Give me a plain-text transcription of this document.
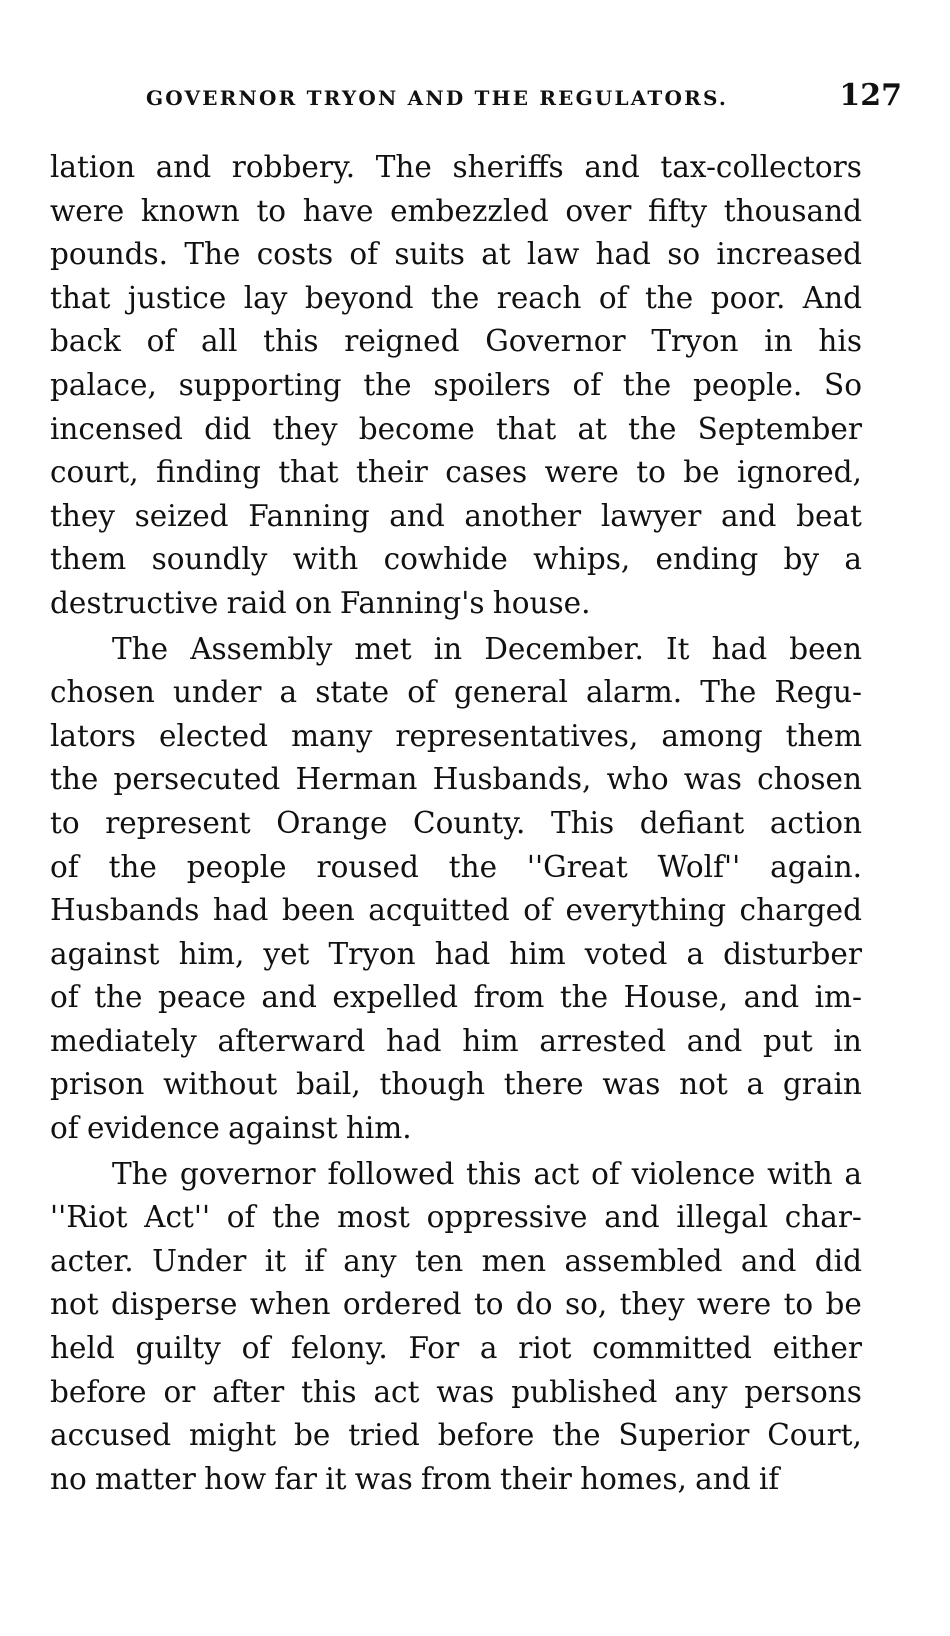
GOVERNOR TRYON AND THE REGULATORS.	127
lation and robbery. The sheriffs and tax-collectors
were known to have embezzled over fifty thousand
pounds. The costs of suits at law had so increased
that justice lay beyond the reach of the poor. And
back of all this reigned Governor Tryon in his
palace, supporting the spoilers of the people. So
incensed did they become that at the September
court, finding that their cases were to be ignored,
they seized Fanning and another lawyer and beat
them soundly with cowhide whips, ending by a
destructive raid on Fanning's house.
The Assembly met in December. It had been
chosen under a state of general alarm. The Regu-
lators elected many representatives, among them
the persecuted Herman Husbands, who was chosen
to represent Orange County. This defiant action
of the people roused the ''Great Wolf'' again.
Husbands had been acquitted of everything charged
against him, yet Tryon had him voted a disturber
of the peace and expelled from the House, and im-
mediately afterward had him arrested and put in
prison without bail, though there was not a grain
of evidence against him.
The governor followed this act of violence with a
''Riot Act'' of the most oppressive and illegal char-
acter. Under it if any ten men assembled and did
not disperse when ordered to do so, they were to be
held guilty of felony. For a riot committed either
before or after this act was published any persons
accused might be tried before the Superior Court,
no matter how far it was from their homes, and if
